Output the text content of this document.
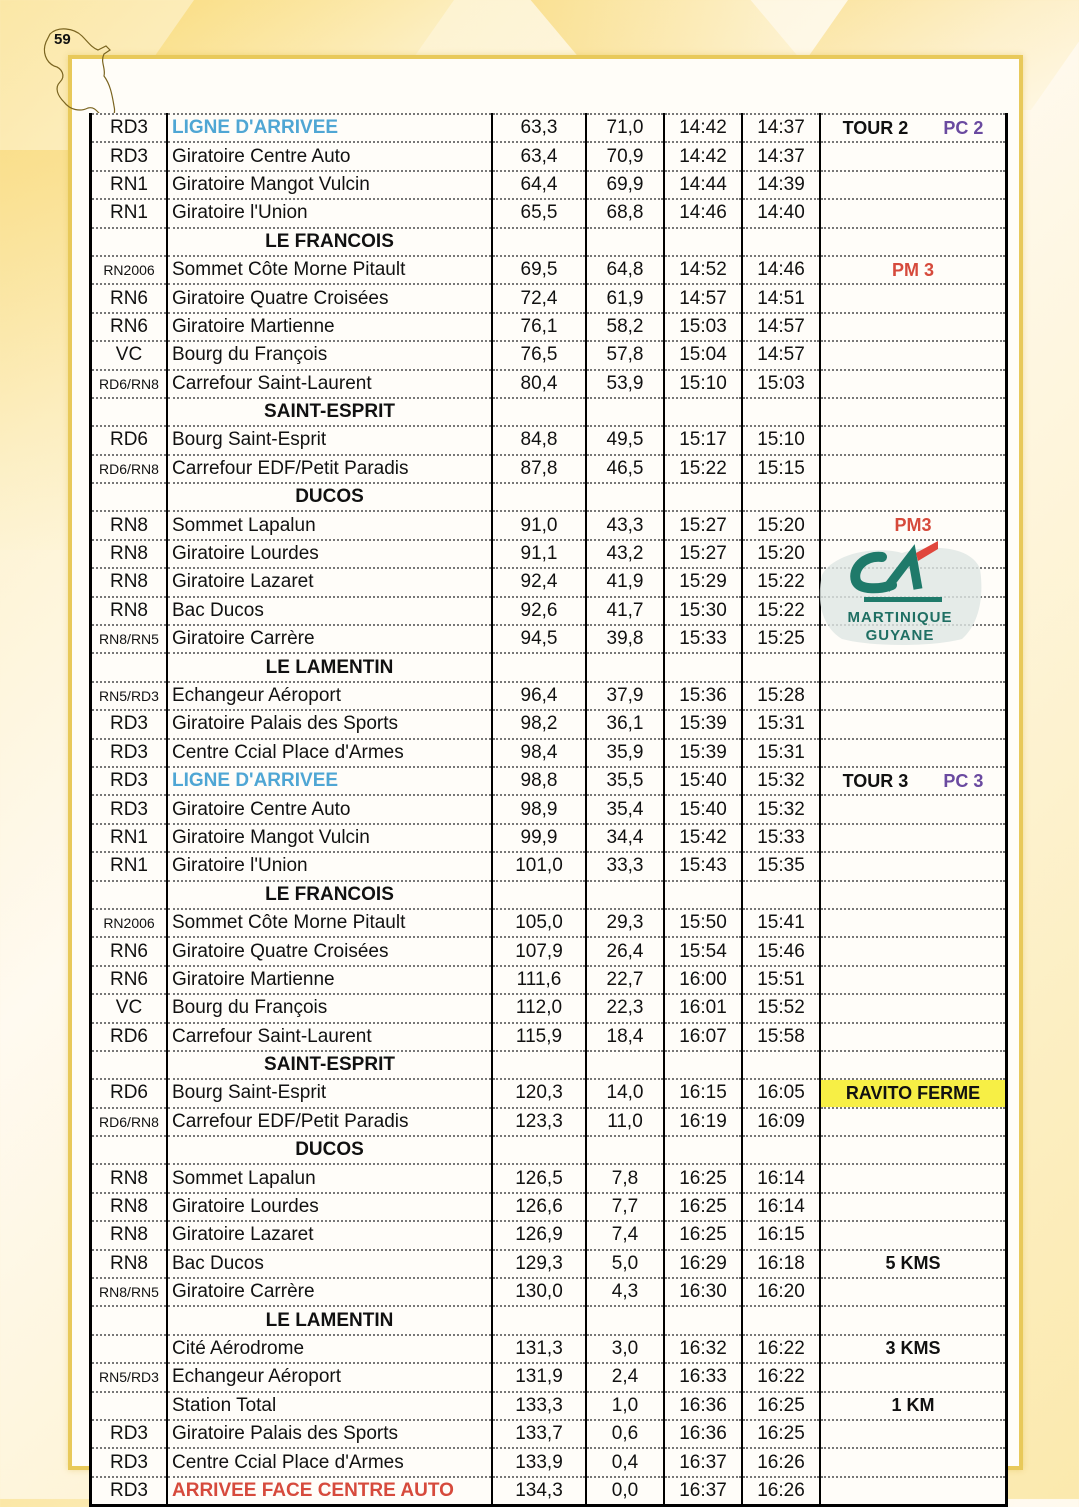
59
RD3	LIGNE D'ARRIVEE	63,3	71,0	14:42	14:37	TOUR 2 PC 2

RD3	Giratoire Centre Auto	63,4	70,9	14:42	14:37	
RN1	Giratoire Mangot Vulcin	64,4	69,9	14:44	14:39	
RN1	Giratoire l'Union	65,5	68,8	14:46	14:40	
	LE FRANCOIS					
RN2006	Sommet Côte Morne Pitault	69,5	64,8	14:52	14:46	PM 3
RN6	Giratoire Quatre Croisées	72,4	61,9	14:57	14:51	
RN6	Giratoire Martienne	76,1	58,2	15:03	14:57	
VC	Bourg du François	76,5	57,8	15:04	14:57	
RD6/RN8	Carrefour Saint-Laurent	80,4	53,9	15:10	15:03	
	SAINT-ESPRIT					
RD6	Bourg Saint-Esprit	84,8	49,5	15:17	15:10	
RD6/RN8	Carrefour EDF/Petit Paradis	87,8	46,5	15:22	15:15	
	DUCOS					
RN8	Sommet Lapalun	91,0	43,3	15:27	15:20	PM3
RN8	Giratoire Lourdes	91,1	43,2	15:27	15:20	
RN8	Giratoire Lazaret	92,4	41,9	15:29	15:22	
RN8	Bac Ducos	92,6	41,7	15:30	15:22	
RN8/RN5	Giratoire Carrère	94,5	39,8	15:33	15:25	
	LE LAMENTIN					
RN5/RD3	Echangeur Aéroport	96,4	37,9	15:36	15:28	
RD3	Giratoire Palais des Sports	98,2	36,1	15:39	15:31	
RD3	Centre Ccial Place d'Armes	98,4	35,9	15:39	15:31	
RD3	LIGNE D'ARRIVEE	98,8	35,5	15:40	15:32	TOUR 3 PC 3

RD3	Giratoire Centre Auto	98,9	35,4	15:40	15:32	
RN1	Giratoire Mangot Vulcin	99,9	34,4	15:42	15:33	
RN1	Giratoire l'Union	101,0	33,3	15:43	15:35	
	LE FRANCOIS					
RN2006	Sommet Côte Morne Pitault	105,0	29,3	15:50	15:41	
RN6	Giratoire Quatre Croisées	107,9	26,4	15:54	15:46	
RN6	Giratoire Martienne	111,6	22,7	16:00	15:51	
VC	Bourg du François	112,0	22,3	16:01	15:52	
RD6	Carrefour Saint-Laurent	115,9	18,4	16:07	15:58	
	SAINT-ESPRIT					
RD6	Bourg Saint-Esprit	120,3	14,0	16:15	16:05	RAVITO FERME
RD6/RN8	Carrefour EDF/Petit Paradis	123,3	11,0	16:19	16:09	
	DUCOS					
RN8	Sommet Lapalun	126,5	7,8	16:25	16:14	
RN8	Giratoire Lourdes	126,6	7,7	16:25	16:14	
RN8	Giratoire Lazaret	126,9	7,4	16:25	16:15	
RN8	Bac Ducos	129,3	5,0	16:29	16:18	5 KMS
RN8/RN5	Giratoire Carrère	130,0	4,3	16:30	16:20	
	LE LAMENTIN					
	Cité Aérodrome	131,3	3,0	16:32	16:22	3 KMS
RN5/RD3	Echangeur Aéroport	131,9	2,4	16:33	16:22	
	Station Total	133,3	1,0	16:36	16:25	1 KM
RD3	Giratoire Palais des Sports	133,7	0,6	16:36	16:25	
RD3	Centre Ccial Place d'Armes	133,9	0,4	16:37	16:26	
RD3	ARRIVEE FACE CENTRE AUTO	134,3	0,0	16:37	16:26	
MARTINIQUE
GUYANE
